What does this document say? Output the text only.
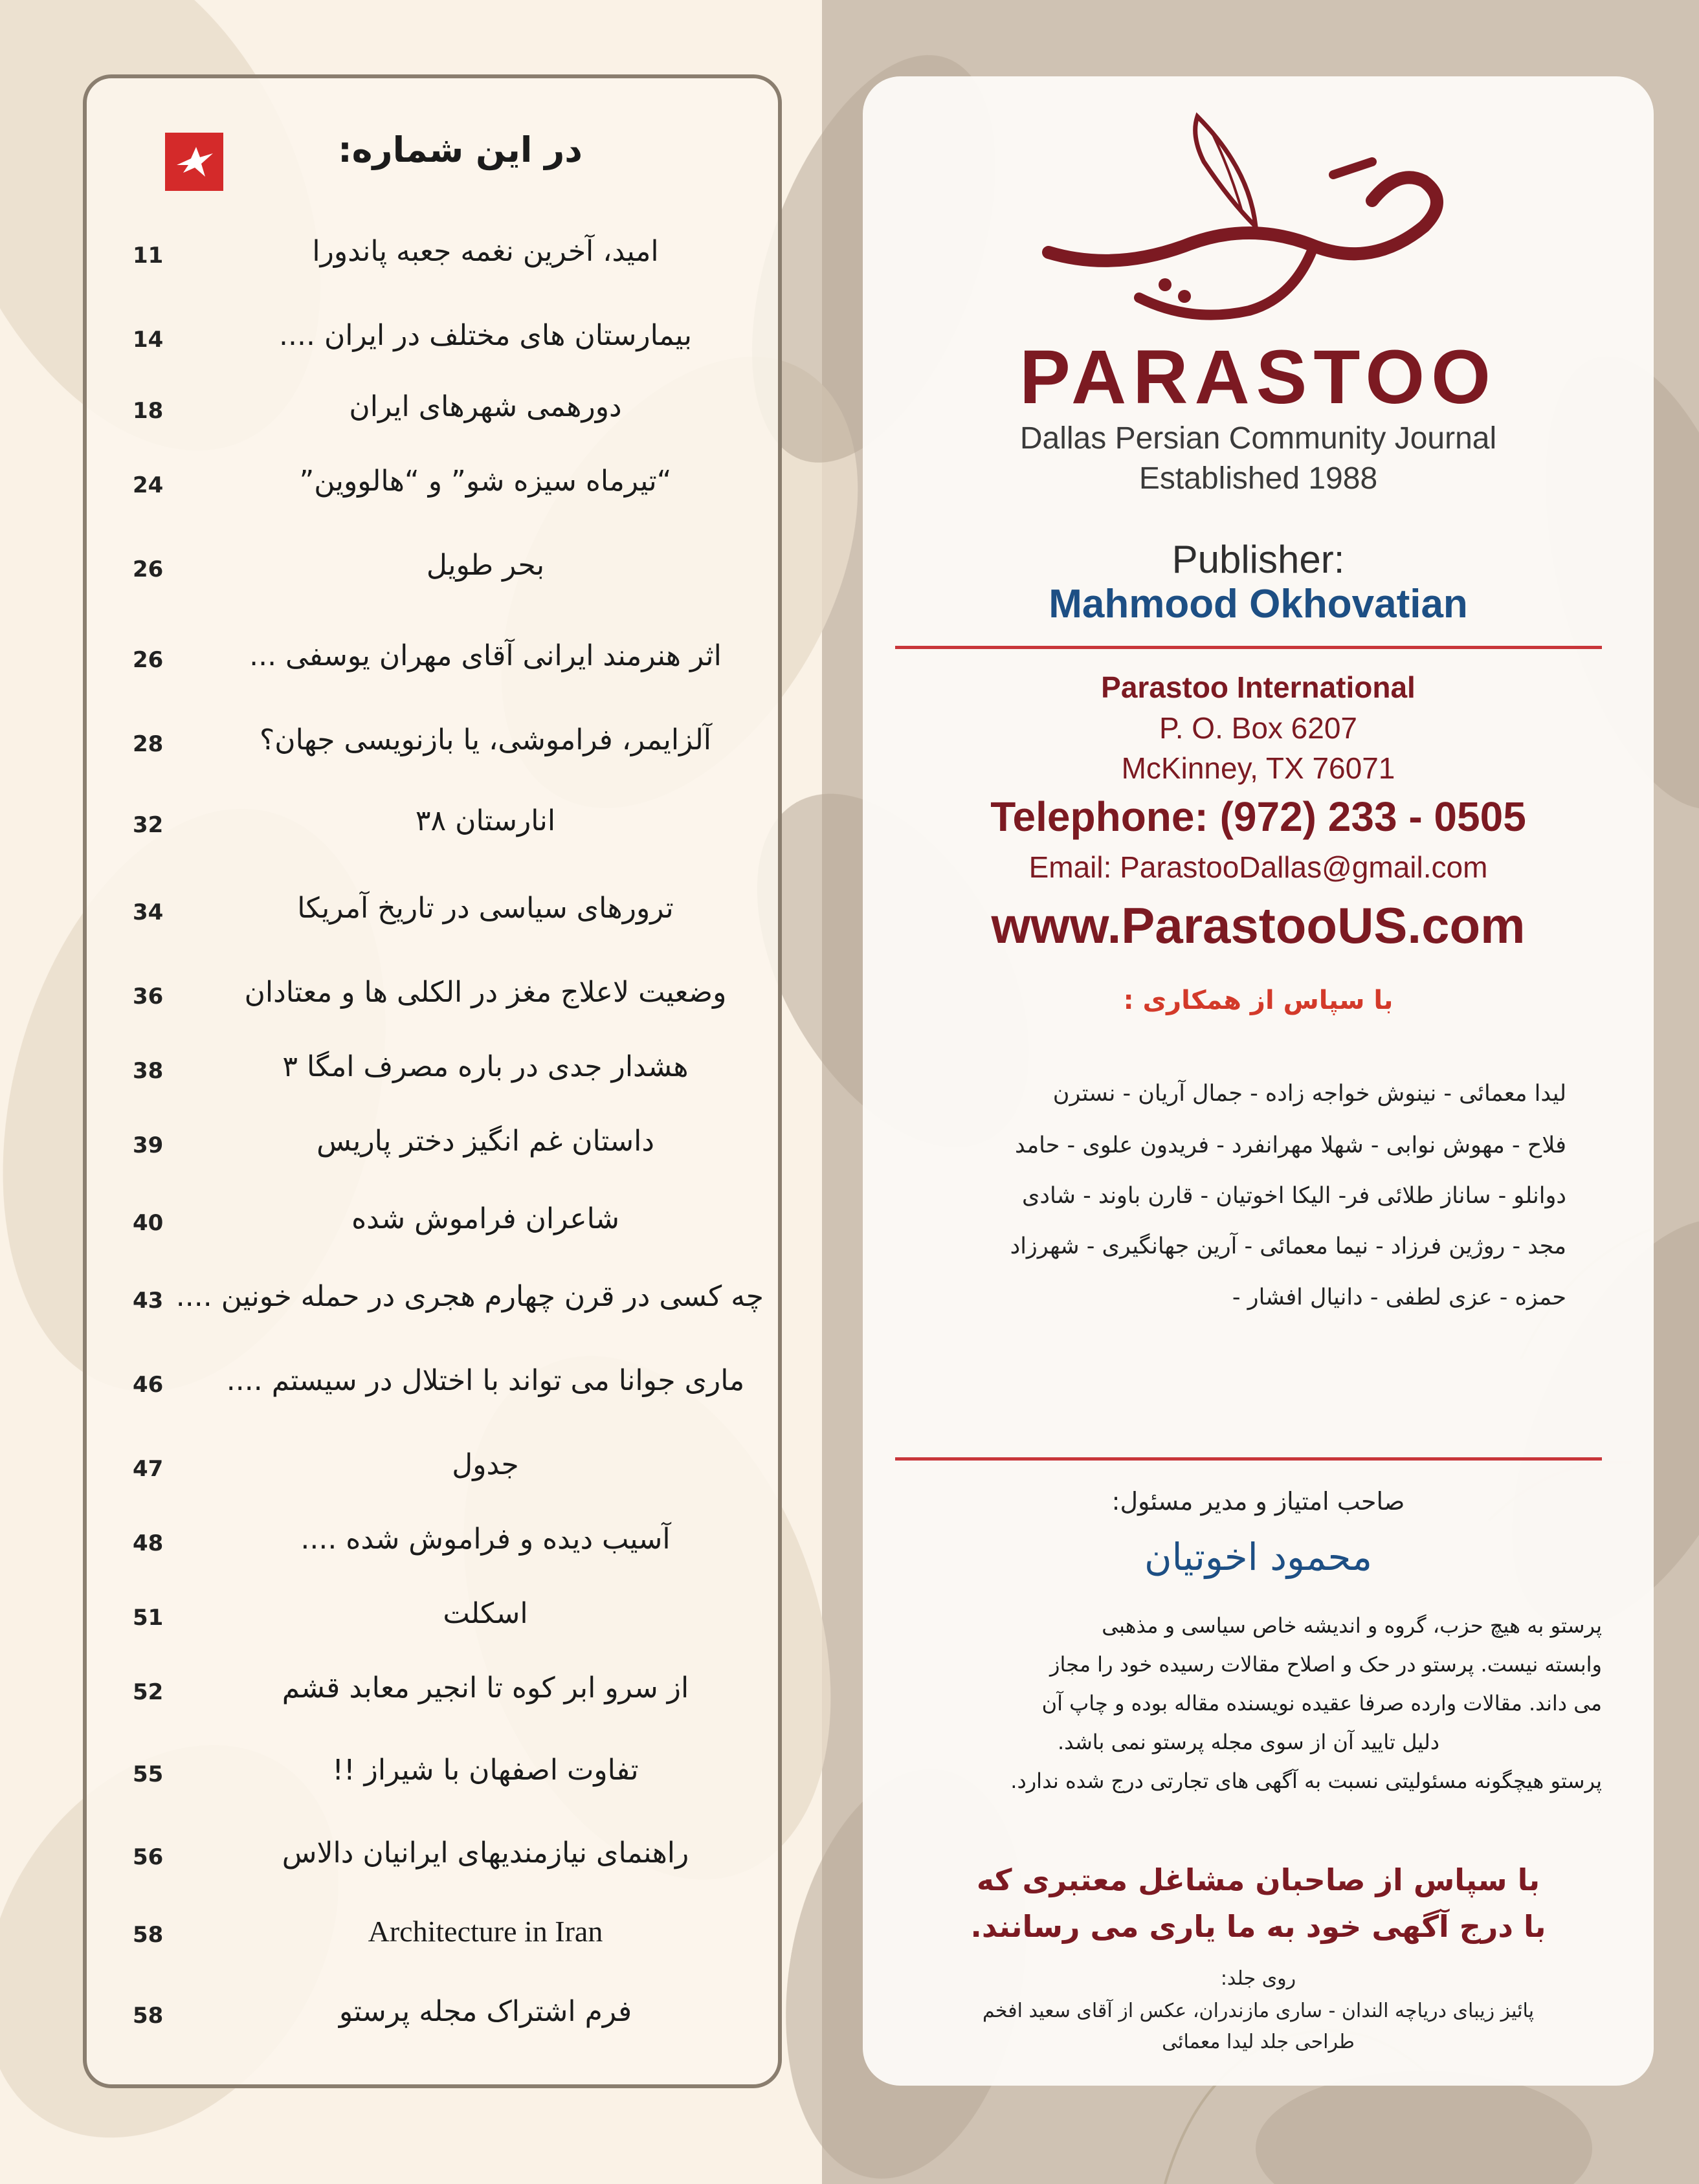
در این شماره:
11	امید، آخرین نغمه جعبه پاندورا
14	بیمارستان های مختلف در ایران ....
18	دورهمی شهرهای ایران
24	“تیرماه سیزه شو” و “هالووین”
26	بحر طویل
26	اثر هنرمند ایرانی آقای مهران یوسفی ...
28	آلزایمر، فراموشی، یا بازنویسی جهان؟
32	انارستان ۳۸
34	ترورهای سیاسی در تاریخ آمریکا
36	وضعیت لاعلاج مغز در الکلی ها و معتادان
38	هشدار جدی در باره مصرف امگا ۳
39	داستان غم انگیز دختر پاریس
40	شاعران فراموش شده
43 چه کسی در قرن چهارم هجری در حمله خونین ....
46	ماری جوانا می تواند با اختلال در سیستم ....
47	جدول
48	آسیب دیده و فراموش شده ....
51	اسکلت
52	از سرو ابر کوه تا انجیر معابد قشم
55	تفاوت اصفهان با شیراز !!
56	راهنمای نیازمندیهای ایرانیان دالاس
58	Architecture in Iran
58	فرم اشتراک مجله پرستو
PARASTOO
Dallas Persian Community Journal
Established 1988
Publisher:
Mahmood Okhovatian
Parastoo International
P. O. Box 6207
McKinney, TX 76071
Telephone: (972) 233 - 0505
Email: ParastooDallas@gmail.com
www.ParastooUS.com
با سپاس از همکاری :
لیدا معمائی - نینوش خواجه زاده - جمال آریان - نسترن
فلاح - مهوش نوابی - شهلا مهرانفرد - فریدون علوی - حامد
دوانلو - ساناز طلائی فر- الیکا اخوتیان - قارن باوند - شادی
مجد - روژین فرزاد - نیما معمائی - آرین جهانگیری - شهرزاد
حمزه - عزی لطفی - دانیال افشار -
صاحب امتیاز و مدیر مسئول:
محمود اخوتیان
پرستو به هیچ حزب، گروه و اندیشه خاص سیاسی و مذهبی
وابسته نیست. پرستو در حک و اصلاح مقالات رسیده خود را مجاز
می داند. مقالات وارده صرفا عقیده نویسنده مقاله بوده و چاپ آن
دلیل تایید آن از سوی مجله پرستو نمی باشد.
پرستو هیچگونه مسئولیتی نسبت به آگهی های تجارتی درج شده ندارد.
با سپاس از صاحبان مشاغل معتبری که
با درج آگهی خود به ما یاری می رسانند.
روی جلد:
پائیز زیبای دریاچه الندان - ساری مازندران، عکس از آقای سعید افخم
طراحی جلد لیدا معمائی
